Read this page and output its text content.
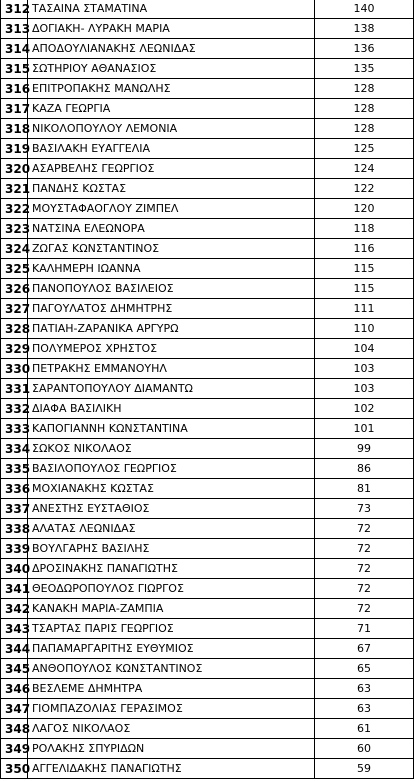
312	ΤΑΣΑΙΝΑ ΣΤΑΜΑΤΙΝΑ	140
313	ΔΟΓΙΑΚΗ- ΛΥΡΑΚΗ ΜΑΡΙΑ	138
314	ΑΠΟΔΟΥΛΙΑΝΑΚΗΣ ΛΕΩΝΙΔΑΣ	136
315	ΣΩΤΗΡΙΟΥ ΑΘΑΝΑΣΙΟΣ	135
316	ΕΠΙΤΡΟΠΑΚΗΣ ΜΑΝΩΛΗΣ	128
317	ΚΑΖΑ ΓΕΩΡΓΙΑ	128
318	ΝΙΚΟΛΟΠΟΥΛΟΥ ΛΕΜΟΝΙΑ	128
319	ΒΑΣΙΛΑΚΗ ΕΥΑΓΓΕΛΙΑ	125
320	ΑΣΑΡΒΕΛΗΣ ΓΕΩΡΓΙΟΣ	124
321	ΠΑΝΔΗΣ ΚΩΣΤΑΣ	122
322	ΜΟΥΣΤΑΦΑΟΓΛΟΥ ΖΙΜΠΕΛ	120
323	ΝΑΤΣΙΝΑ ΕΛΕΩΝΟΡΑ	118
324	ΖΩΓΑΣ ΚΩΝΣΤΑΝΤΙΝΟΣ	116
325	ΚΑΛΗΜΕΡΗ ΙΩΑΝΝΑ	115
326	ΠΑΝΟΠΟΥΛΟΣ ΒΑΣΙΛΕΙΟΣ	115
327	ΠΑΓΟΥΛΑΤΟΣ ΔΗΜΗΤΡΗΣ	111
328	ΠΑΤΙΑΗ-ΖΑΡΑΝΙΚΑ ΑΡΓΥΡΩ	110
329	ΠΟΛΥΜΕΡΟΣ ΧΡΗΣΤΟΣ	104
330	ΠΕΤΡΑΚΗΣ ΕΜΜΑΝΟΥΗΛ	103
331	ΣΑΡΑΝΤΟΠΟΥΛΟΥ ΔΙΑΜΑΝΤΩ	103
332	ΔΙΑΦΑ ΒΑΣΙΛΙΚΗ	102
333	ΚΑΠΟΓΙΑΝΝΗ ΚΩΝΣΤΑΝΤΙΝΑ	101
334	ΣΩΚΟΣ ΝΙΚΟΛΑΟΣ	99
335	ΒΑΣΙΛΟΠΟΥΛΟΣ ΓΕΩΡΓΙΟΣ	86
336	ΜΟΧΙΑΝΑΚΗΣ ΚΩΣΤΑΣ	81
337	ΑΝΕΣΤΗΣ ΕΥΣΤΑΘΙΟΣ	73
338	ΑΛΑΤΑΣ ΛΕΩΝΙΔΑΣ	72
339	ΒΟΥΛΓΑΡΗΣ ΒΑΣΙΛΗΣ	72
340	ΔΡΟΣΙΝΑΚΗΣ ΠΑΝΑΓΙΩΤΗΣ	72
341	ΘΕΟΔΩΡΟΠΟΥΛΟΣ ΓΙΩΡΓΟΣ	72
342	ΚΑΝΑΚΗ ΜΑΡΙΑ-ΖΑΜΠΙΑ	72
343	ΤΣΑΡΤΑΣ ΠΑΡΙΣ ΓΕΩΡΓΙΟΣ	71
344	ΠΑΠΑΜΑΡΓΑΡΙΤΗΣ ΕΥΘΥΜΙΟΣ	67
345	ΑΝΘΟΠΟΥΛΟΣ ΚΩΝΣΤΑΝΤΙΝΟΣ	65
346	ΒΕΣΛΕΜΕ ΔΗΜΗΤΡΑ	63
347	ΓΙΟΜΠΑΖΟΛΙΑΣ ΓΕΡΑΣΙΜΟΣ	63
348	ΛΑΓΟΣ ΝΙΚΟΛΑΟΣ	61
349	ΡΟΛΑΚΗΣ ΣΠΥΡΙΔΩΝ	60
350	ΑΓΓΕΛΙΔΑΚΗΣ ΠΑΝΑΓΙΩΤΗΣ	59
